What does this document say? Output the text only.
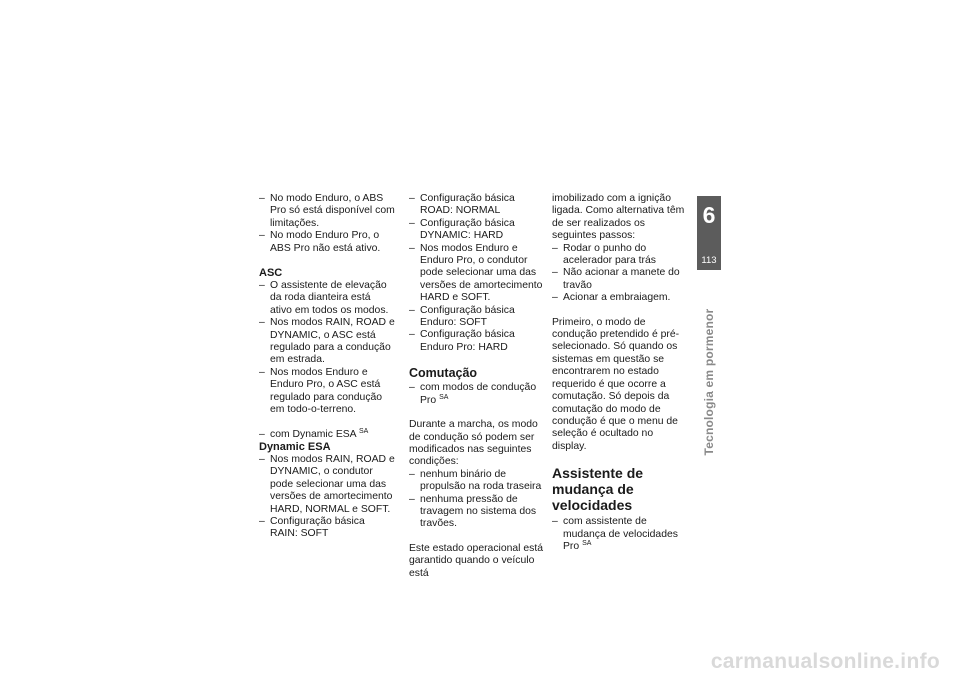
– No modo Enduro, o ABS Pro só está disponível com limitações.
– No modo Enduro Pro, o ABS Pro não está ativo.
ASC
– O assistente de elevação da roda dianteira está ativo em todos os modos.
– Nos modos RAIN, ROAD e DYNAMIC, o ASC está regulado para a condução em estrada.
– Nos modos Enduro e Enduro Pro, o ASC está regulado para condução em todo-o-terreno.
– com Dynamic ESA $^{SA}$
Dynamic ESA
– Nos modos RAIN, ROAD e DYNAMIC, o condutor pode selecionar uma das versões de amortecimento HARD, NORMAL e SOFT.
– Configuração básica RAIN: SOFT
– Configuração básica ROAD: NORMAL
– Configuração básica DYNAMIC: HARD
– Nos modos Enduro e Enduro Pro, o condutor pode selecionar uma das versões de amortecimento HARD e SOFT.
– Configuração básica Enduro: SOFT
– Configuração básica Enduro Pro: HARD
Comutação
– com modos de condução
Pro $^{SA}$

Durante a marcha, os modo de condução só podem ser modificados nas seguintes condições:

– nenhum binário de propulsão na roda traseira
– nenhuma pressão de travagem no sistema dos travões.

Este estado operacional está garantido quando o veículo está

imobilizado com a ignição ligada. Como alternativa têm de ser realizados os seguintes passos:

– Rodar o punho do acelerador para trás
– Não acionar a manete do travão
– Acionar a embraiagem.

Primeiro, o modo de condução pretendido é pré-selecionado. Só quando os sistemas em questão se encontrarem no estado requerido é que ocorre a comutação. Só depois da comutação do modo de condução é que o menu de seleção é ocultado no display.

Assistente de mudança de velocidades
– com assistente de mudança de velocidades Pro $^{SA}$
6
113
Tecnologia em pormenor
carmanualsonline.info
